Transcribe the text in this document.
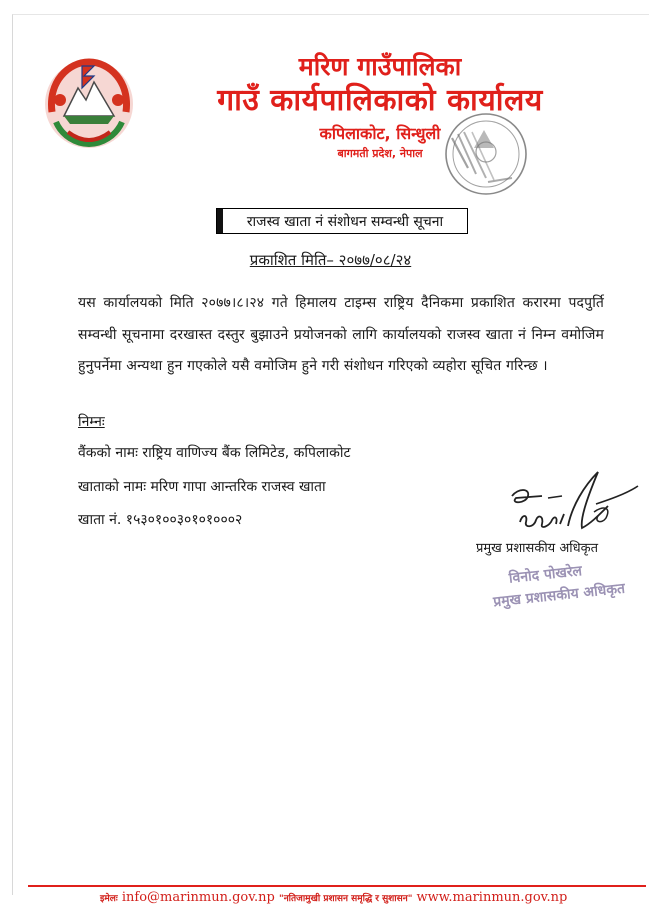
मरिण गाउँपालिका
गाउँ कार्यपालिकाको कार्यालय
कपिलाकोट, सिन्धुली
बागमती प्रदेश, नेपाल
राजस्व खाता नं संशोधन सम्वन्धी सूचना
प्रकाशित मिति– २०७७/०८/२४
यस कार्यालयको मिति २०७७।८।२४ गते हिमालय टाइम्स राष्ट्रिय दैनिकमा प्रकाशित करारमा पदपुर्ति सम्वन्धी सूचनामा दरखास्त दस्तुर बुझाउने प्रयोजनको लागि कार्यालयको राजस्व खाता नं निम्न वमोजिम हुनुपर्नेमा अन्यथा हुन गएकोले यसै वमोजिम हुने गरी संशोधन गरिएको व्यहोरा सूचित गरिन्छ ।
निम्नः
वैंकको नामः राष्ट्रिय वाणिज्य बैंक लिमिटेड, कपिलाकोट
खाताको नामः मरिण गापा आन्तरिक राजस्व खाता
खाता नं. १५३०१००३०१०१०००२
प्रमुख प्रशासकीय अधिकृत
विनोद पोखरेल
प्रमुख प्रशासकीय अधिकृत
इमेलः info@marinmun.gov.np "नतिजामुखी प्रशासन समृद्धि र सुशासन" www.marinmun.gov.np
